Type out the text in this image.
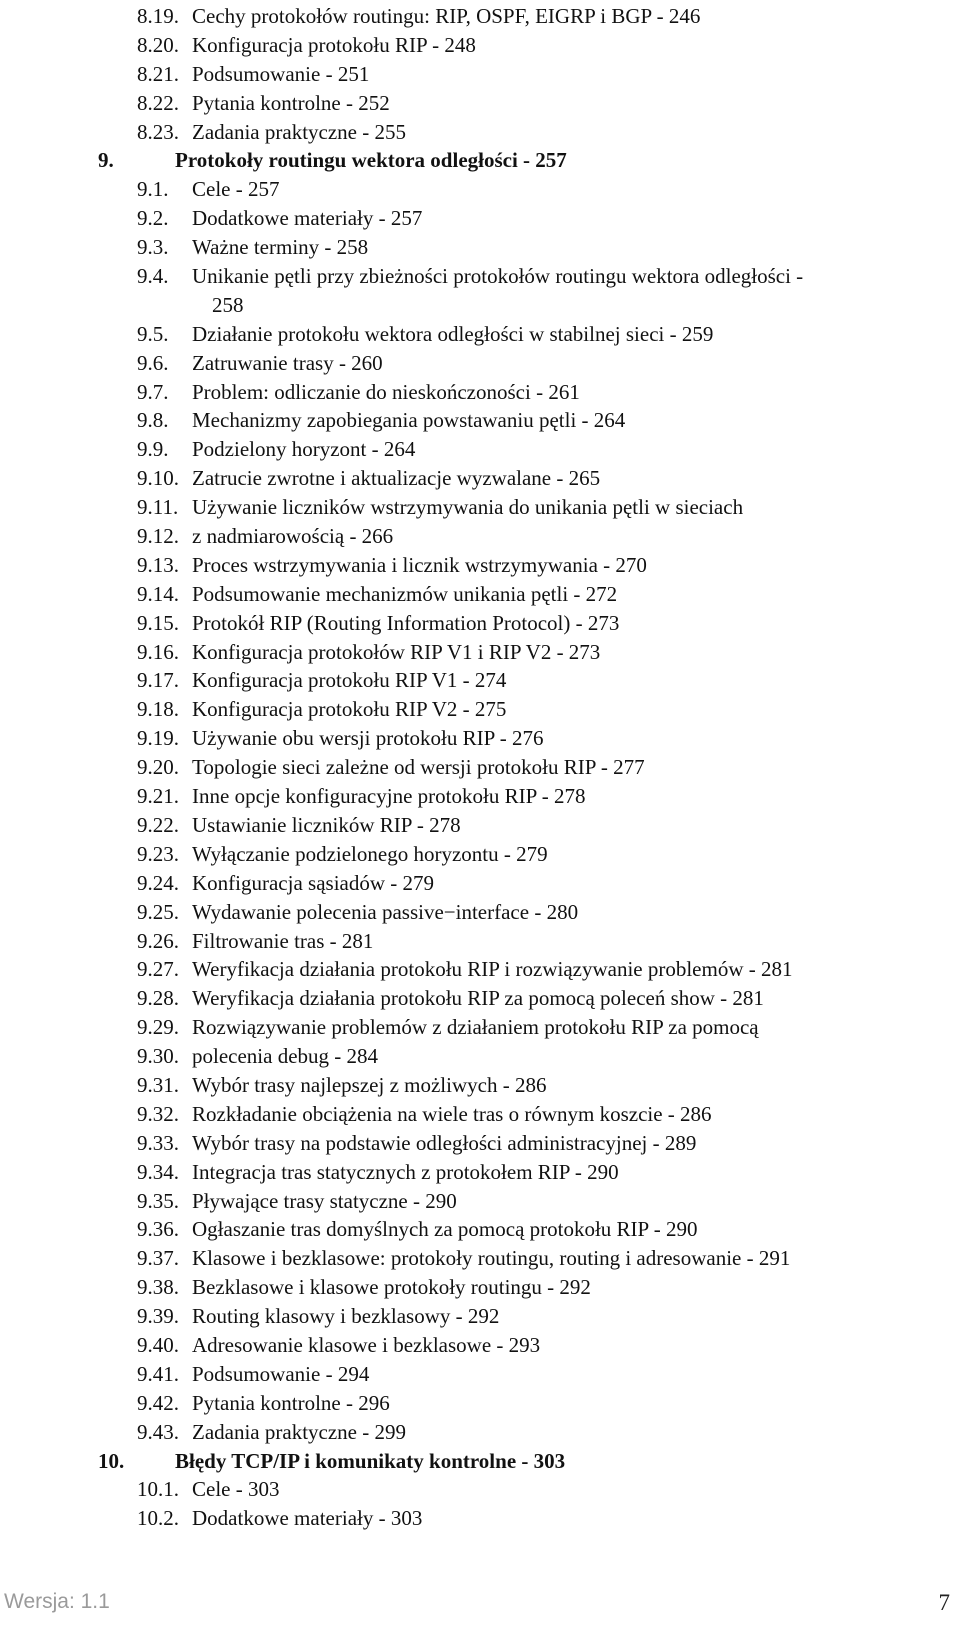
8.19. Cechy protokołów routingu: RIP, OSPF, EIGRP i BGP - 246
8.20. Konfiguracja protokołu RIP - 248
8.21. Podsumowanie - 251
8.22. Pytania kontrolne - 252
8.23. Zadania praktyczne - 255
9.	Protokoły routingu wektora odległości - 257
9.1. Cele - 257
9.2. Dodatkowe materiały - 257
9.3. Ważne terminy - 258
9.4. Unikanie pętli przy zbieżności protokołów routingu wektora odległości -
258
9.5. Działanie protokołu wektora odległości w stabilnej sieci - 259
9.6. Zatruwanie trasy - 260
9.7. Problem: odliczanie do nieskończoności - 261
9.8. Mechanizmy zapobiegania powstawaniu pętli - 264
9.9. Podzielony horyzont - 264
9.10. Zatrucie zwrotne i aktualizacje wyzwalane - 265
9.11. Używanie liczników wstrzymywania do unikania pętli w sieciach
9.12. z nadmiarowością - 266
9.13. Proces wstrzymywania i licznik wstrzymywania - 270
9.14. Podsumowanie mechanizmów unikania pętli - 272
9.15. Protokół RIP (Routing Information Protocol) - 273
9.16. Konfiguracja protokołów RIP V1 i RIP V2 - 273
9.17. Konfiguracja protokołu RIP V1 - 274
9.18. Konfiguracja protokołu RIP V2 - 275
9.19. Używanie obu wersji protokołu RIP - 276
9.20. Topologie sieci zależne od wersji protokołu RIP - 277
9.21. Inne opcje konfiguracyjne protokołu RIP - 278
9.22. Ustawianie liczników RIP - 278
9.23. Wyłączanie podzielonego horyzontu - 279
9.24. Konfiguracja sąsiadów - 279
9.25. Wydawanie polecenia passive−interface - 280
9.26. Filtrowanie tras - 281
9.27. Weryfikacja działania protokołu RIP i rozwiązywanie problemów - 281
9.28. Weryfikacja działania protokołu RIP za pomocą poleceń show - 281
9.29. Rozwiązywanie problemów z działaniem protokołu RIP za pomocą
9.30. polecenia debug - 284
9.31. Wybór trasy najlepszej z możliwych - 286
9.32. Rozkładanie obciążenia na wiele tras o równym koszcie - 286
9.33. Wybór trasy na podstawie odległości administracyjnej - 289
9.34. Integracja tras statycznych z protokołem RIP - 290
9.35. Pływające trasy statyczne - 290
9.36. Ogłaszanie tras domyślnych za pomocą protokołu RIP - 290
9.37. Klasowe i bezklasowe: protokoły routingu, routing i adresowanie - 291
9.38. Bezklasowe i klasowe protokoły routingu - 292
9.39. Routing klasowy i bezklasowy - 292
9.40. Adresowanie klasowe i bezklasowe - 293
9.41. Podsumowanie - 294
9.42. Pytania kontrolne - 296
9.43. Zadania praktyczne - 299
10. Błędy TCP/IP i komunikaty kontrolne - 303
10.1. Cele - 303
10.2. Dodatkowe materiały - 303
Wersja: 1.1	7
